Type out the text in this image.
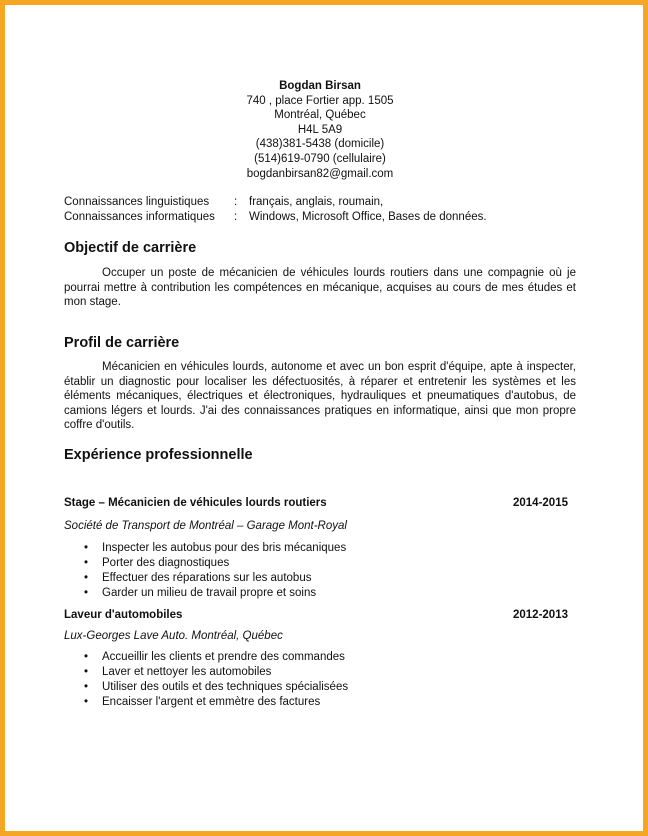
Bogdan Birsan
740 , place Fortier app. 1505
Montréal, Québec
H4L 5A9
(438)381-5438 (domicile)
(514)619-0790 (cellulaire)
bogdanbirsan82@gmail.com
Connaissances linguistiques	:	français, anglais, roumain,
Connaissances informatiques	:	Windows, Microsoft Office, Bases de données.
Objectif de carrière
Occuper un poste de mécanicien de véhicules lourds routiers dans une compagnie où je pourrai mettre à contribution les compétences en mécanique, acquises au cours de mes études et mon stage.
Profil de carrière
Mécanicien en véhicules lourds, autonome et avec un bon esprit d'équipe, apte à inspecter, établir un diagnostic pour localiser les défectuosités, à réparer et entretenir les systèmes et les éléments mécaniques, électriques et électroniques, hydrauliques et pneumatiques d'autobus, de camions légers et lourds. J'ai des connaissances pratiques en informatique, ainsi que mon propre coffre d'outils.
Expérience professionnelle
Stage – Mécanicien de véhicules lourds routiers	2014-2015
Société de Transport de Montréal – Garage Mont-Royal
• Inspecter les autobus pour des bris mécaniques
• Porter des diagnostiques
• Effectuer des réparations sur les autobus
• Garder un milieu de travail propre et soins
Laveur d'automobiles	2012-2013
Lux-Georges Lave Auto. Montréal, Québec
• Accueillir les clients et prendre des commandes
• Laver et nettoyer les automobiles
• Utiliser des outils et des techniques spécialisées
• Encaisser l'argent et emmètre des factures
